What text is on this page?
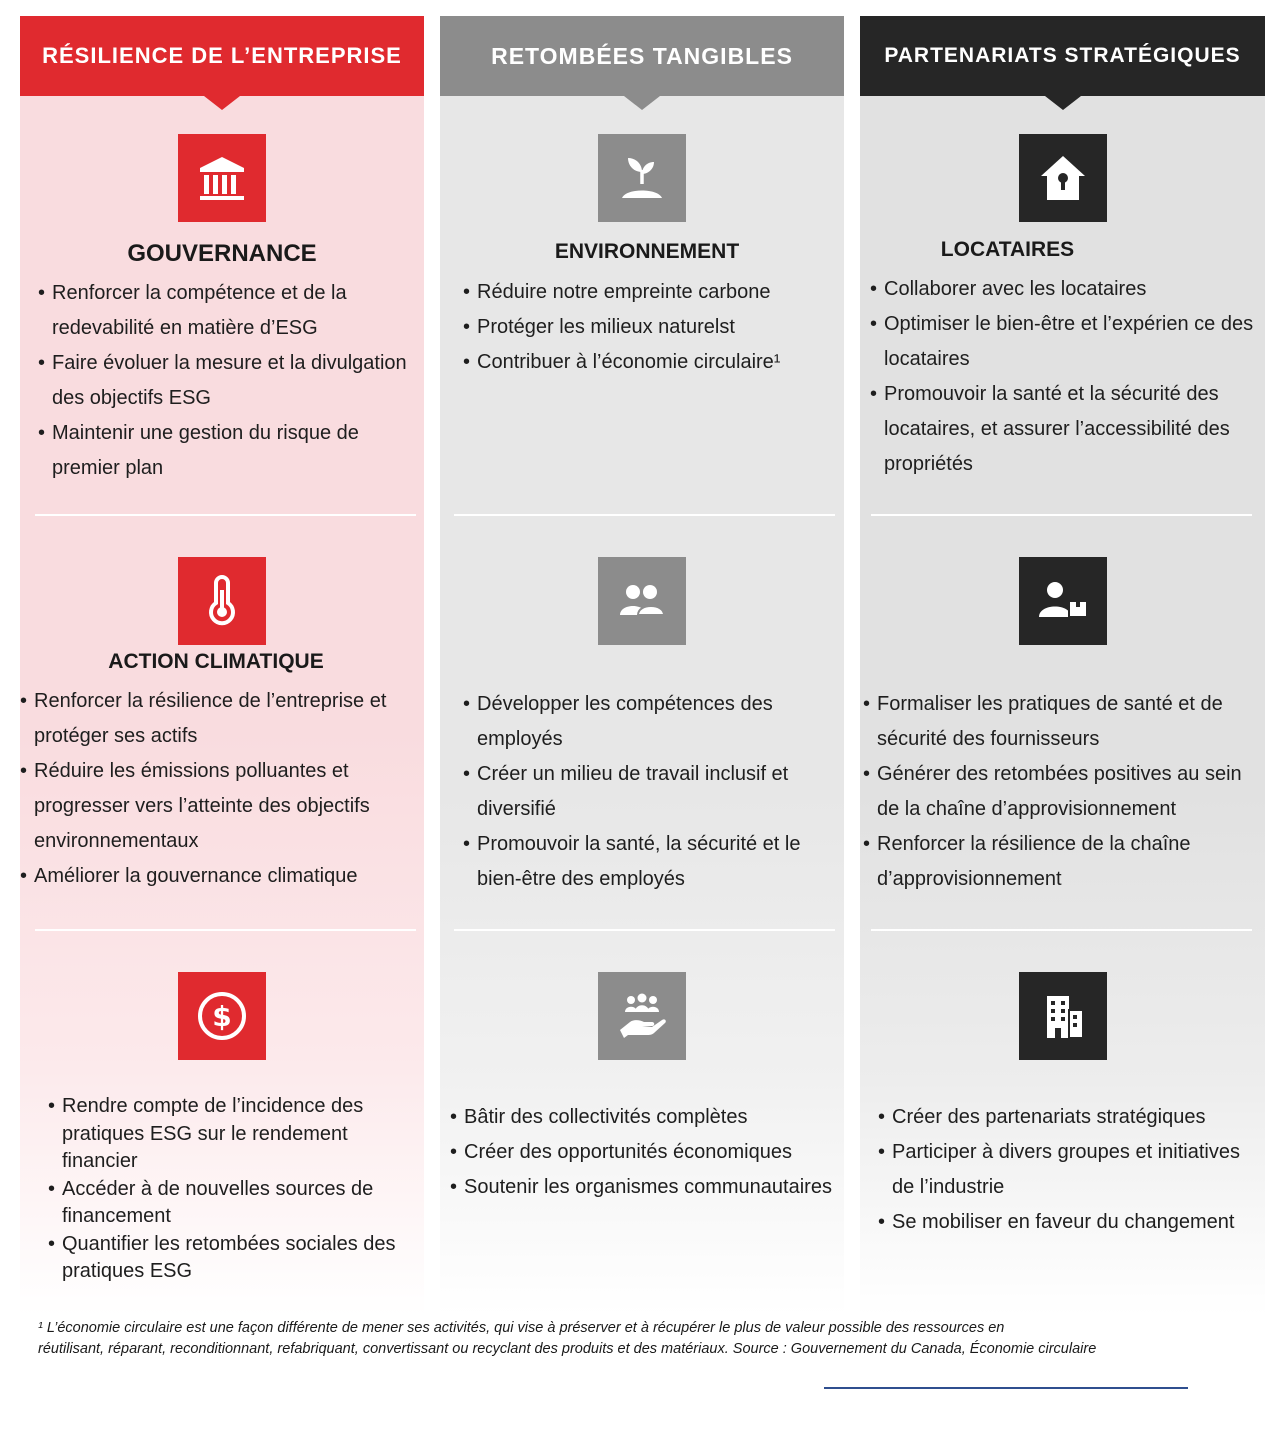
RÉSILIENCE DE L’ENTREPRISE
GOUVERNANCE
• Renforcer la compétence et de la redevabilité en matière d’ESG
• Faire évoluer la mesure et la divulgation des objectifs ESG
• Maintenir une gestion du risque de premier plan
ACTION CLIMATIQUE
• Renforcer la résilience de l’entreprise et protéger ses actifs
• Réduire les émissions polluantes et progresser vers l’atteinte des objectifs environnementaux
• Améliorer la gouvernance climatique
$
• Rendre compte de l’incidence des pratiques ESG sur le rendement financier
• Accéder à de nouvelles sources de financement
• Quantifier les retombées sociales des pratiques ESG
RETOMBÉES TANGIBLES
ENVIRONNEMENT
• Réduire notre empreinte carbone
• Protéger les milieux naturelst
• Contribuer à l’économie circulaire¹
• Développer les compétences des employés
• Créer un milieu de travail inclusif et diversifié
• Promouvoir la santé, la sécurité et le bien-être des employés
• Bâtir des collectivités complètes
• Créer des opportunités économiques
• Soutenir les organismes communautaires
PARTENARIATS STRATÉGIQUES
LOCATAIRES
• Collaborer avec les locataires
• Optimiser le bien-être et l’expérien ce des locataires
• Promouvoir la santé et la sécurité des locataires, et assurer l’accessibilité des propriétés
• Formaliser les pratiques de santé et de sécurité des fournisseurs
• Générer des retombées positives au sein de la chaîne d’approvisionnement
• Renforcer la résilience de la chaîne d’approvisionnement
• Créer des partenariats stratégiques
• Participer à divers groupes et initiatives de l’industrie
• Se mobiliser en faveur du changement

¹ L’économie circulaire est une façon différente de mener ses activités, qui vise à préserver et à récupérer le plus de valeur possible des ressources en

réutilisant, réparant, reconditionnant, refabriquant, convertissant ou recyclant des produits et des matériaux. Source : Gouvernement du Canada, Économie circulaire
